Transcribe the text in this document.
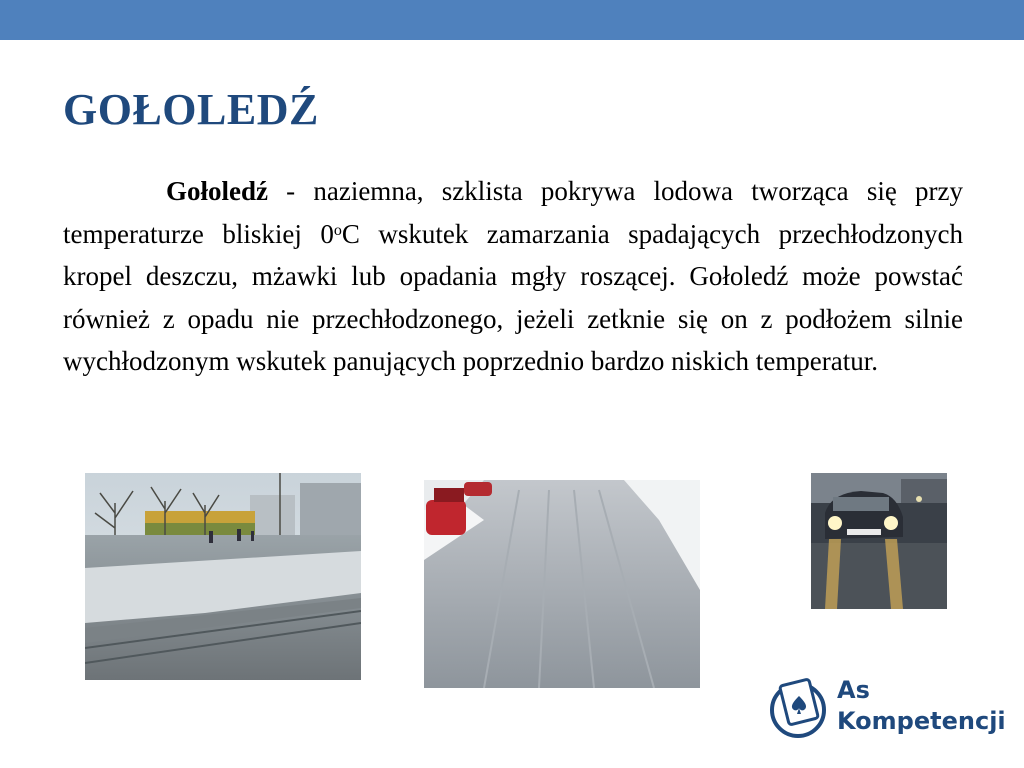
GOŁOLEDŹ

Gołoledź - naziemna, szklista pokrywa lodowa tworząca się przy temperaturze bliskiej 0$^o$C wskutek zamarzania spadających przechłodzonych kropel deszczu, mżawki lub opadania mgły roszącej. Gołoledź może powstać również z opadu nie przechłodzonego, jeżeli zetknie się on z podłożem silnie wychłodzonym wskutek panujących poprzednio bardzo niskich temperatur.

As
Kompetencji
